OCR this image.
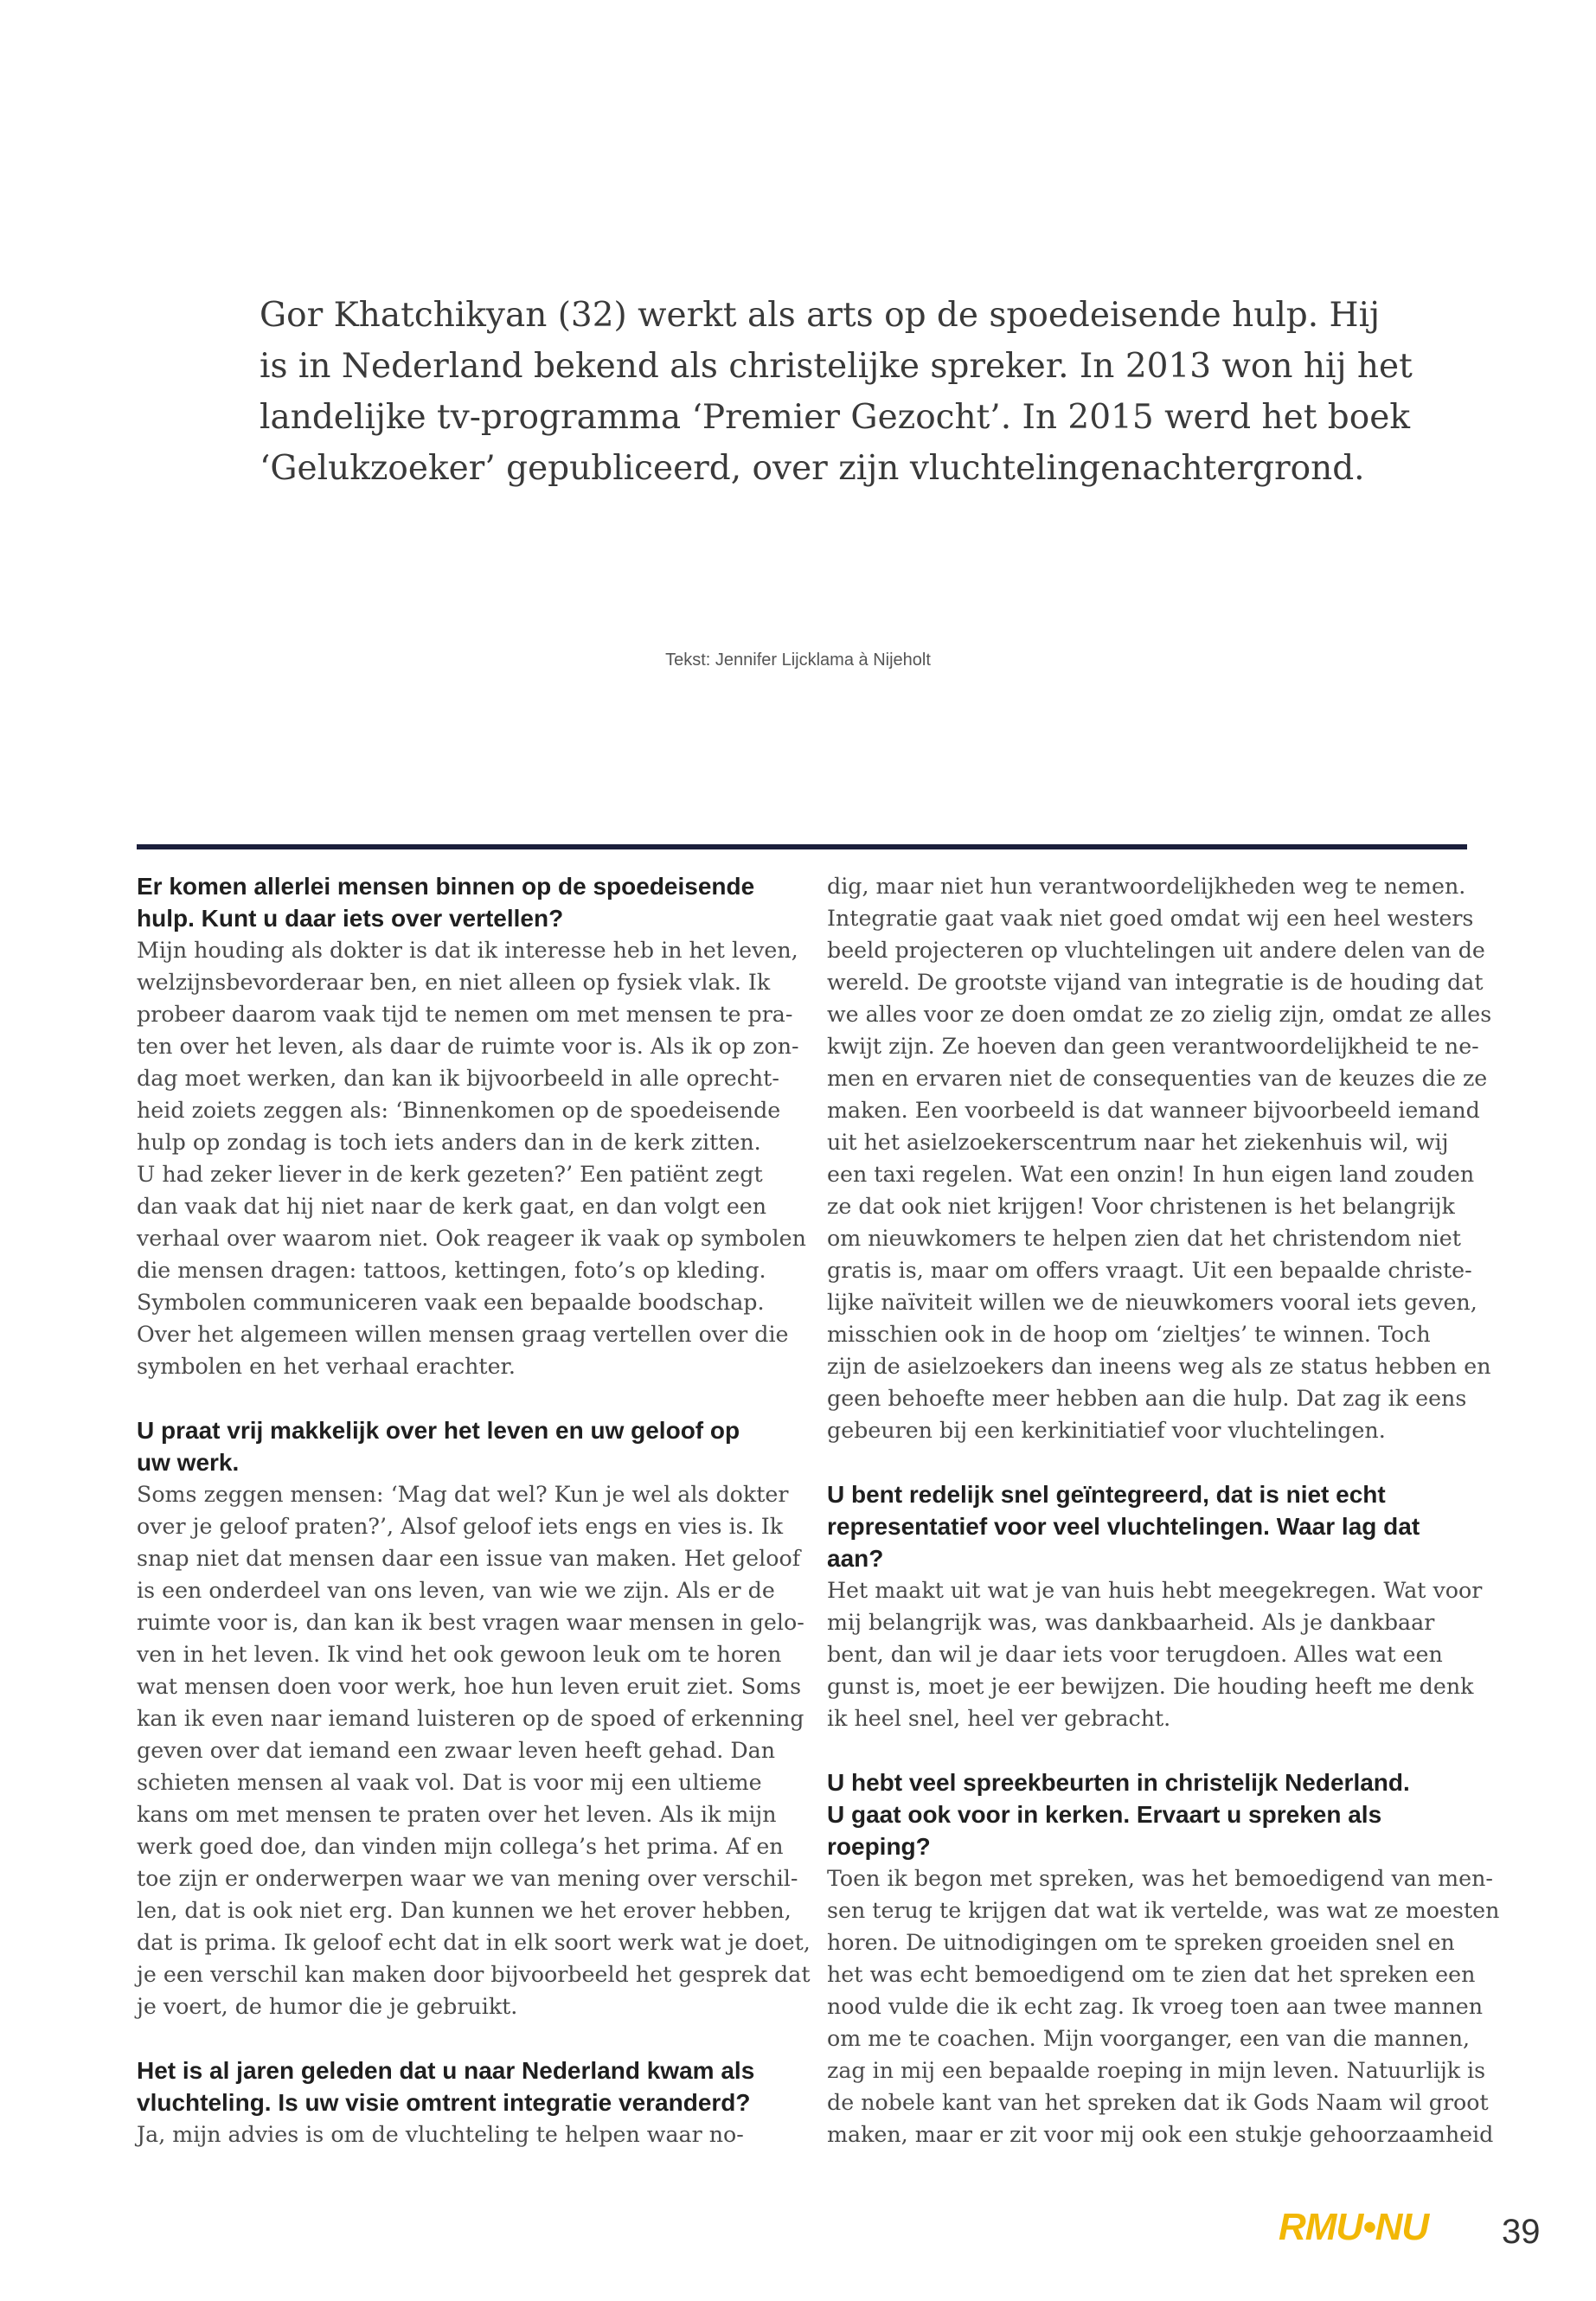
Gor Khatchikyan (32) werkt als arts op de spoedeisende hulp. Hij
is in Nederland bekend als christelijke spreker. In 2013 won hij het
landelijke tv-programma ‘Premier Gezocht’. In 2015 werd het boek
‘Gelukzoeker’ gepubliceerd, over zijn vluchtelingenachtergrond.
Tekst: Jennifer Lijcklama à Nijeholt
Er komen allerlei mensen binnen op de spoedeisende
hulp. Kunt u daar iets over vertellen?
Mijn houding als dokter is dat ik interesse heb in het leven,
welzijnsbevorderaar ben, en niet alleen op fysiek vlak. Ik
probeer daarom vaak tijd te nemen om met mensen te pra-
ten over het leven, als daar de ruimte voor is. Als ik op zon-
dag moet werken, dan kan ik bijvoorbeeld in alle oprecht-
heid zoiets zeggen als: ‘Binnenkomen op de spoedeisende
hulp op zondag is toch iets anders dan in de kerk zitten.
U had zeker liever in de kerk gezeten?’ Een patiënt zegt
dan vaak dat hij niet naar de kerk gaat, en dan volgt een
verhaal over waarom niet. Ook reageer ik vaak op symbolen
die mensen dragen: tattoos, kettingen, foto’s op kleding.
Symbolen communiceren vaak een bepaalde boodschap.
Over het algemeen willen mensen graag vertellen over die
symbolen en het verhaal erachter.
U praat vrij makkelijk over het leven en uw geloof op
uw werk.
Soms zeggen mensen: ‘Mag dat wel? Kun je wel als dokter
over je geloof praten?’, Alsof geloof iets engs en vies is. Ik
snap niet dat mensen daar een issue van maken. Het geloof
is een onderdeel van ons leven, van wie we zijn. Als er de
ruimte voor is, dan kan ik best vragen waar mensen in gelo-
ven in het leven. Ik vind het ook gewoon leuk om te horen
wat mensen doen voor werk, hoe hun leven eruit ziet. Soms
kan ik even naar iemand luisteren op de spoed of erkenning
geven over dat iemand een zwaar leven heeft gehad. Dan
schieten mensen al vaak vol. Dat is voor mij een ultieme
kans om met mensen te praten over het leven. Als ik mijn
werk goed doe, dan vinden mijn collega’s het prima. Af en
toe zijn er onderwerpen waar we van mening over verschil-
len, dat is ook niet erg. Dan kunnen we het erover hebben,
dat is prima. Ik geloof echt dat in elk soort werk wat je doet,
je een verschil kan maken door bijvoorbeeld het gesprek dat
je voert, de humor die je gebruikt.
Het is al jaren geleden dat u naar Nederland kwam als
vluchteling. Is uw visie omtrent integratie veranderd?
Ja, mijn advies is om de vluchteling te helpen waar no-
dig, maar niet hun verantwoordelijkheden weg te nemen.
Integratie gaat vaak niet goed omdat wij een heel westers
beeld projecteren op vluchtelingen uit andere delen van de
wereld. De grootste vijand van integratie is de houding dat
we alles voor ze doen omdat ze zo zielig zijn, omdat ze alles
kwijt zijn. Ze hoeven dan geen verantwoordelijkheid te ne-
men en ervaren niet de consequenties van de keuzes die ze
maken. Een voorbeeld is dat wanneer bijvoorbeeld iemand
uit het asielzoekerscentrum naar het ziekenhuis wil, wij
een taxi regelen. Wat een onzin! In hun eigen land zouden
ze dat ook niet krijgen! Voor christenen is het belangrijk
om nieuwkomers te helpen zien dat het christendom niet
gratis is, maar om offers vraagt. Uit een bepaalde christe-
lijke naïviteit willen we de nieuwkomers vooral iets geven,
misschien ook in de hoop om ‘zieltjes’ te winnen. Toch
zijn de asielzoekers dan ineens weg als ze status hebben en
geen behoefte meer hebben aan die hulp. Dat zag ik eens
gebeuren bij een kerkinitiatief voor vluchtelingen.
U bent redelijk snel geïntegreerd, dat is niet echt
representatief voor veel vluchtelingen. Waar lag dat
aan?
Het maakt uit wat je van huis hebt meegekregen. Wat voor
mij belangrijk was, was dankbaarheid. Als je dankbaar
bent, dan wil je daar iets voor terugdoen. Alles wat een
gunst is, moet je eer bewijzen. Die houding heeft me denk
ik heel snel, heel ver gebracht.
U hebt veel spreekbeurten in christelijk Nederland.
U gaat ook voor in kerken. Ervaart u spreken als
roeping?
Toen ik begon met spreken, was het bemoedigend van men-
sen terug te krijgen dat wat ik vertelde, was wat ze moesten
horen. De uitnodigingen om te spreken groeiden snel en
het was echt bemoedigend om te zien dat het spreken een
nood vulde die ik echt zag. Ik vroeg toen aan twee mannen
om me te coachen. Mijn voorganger, een van die mannen,
zag in mij een bepaalde roeping in mijn leven. Natuurlijk is
de nobele kant van het spreken dat ik Gods Naam wil groot
maken, maar er zit voor mij ook een stukje gehoorzaamheid
RMU•NU 39
